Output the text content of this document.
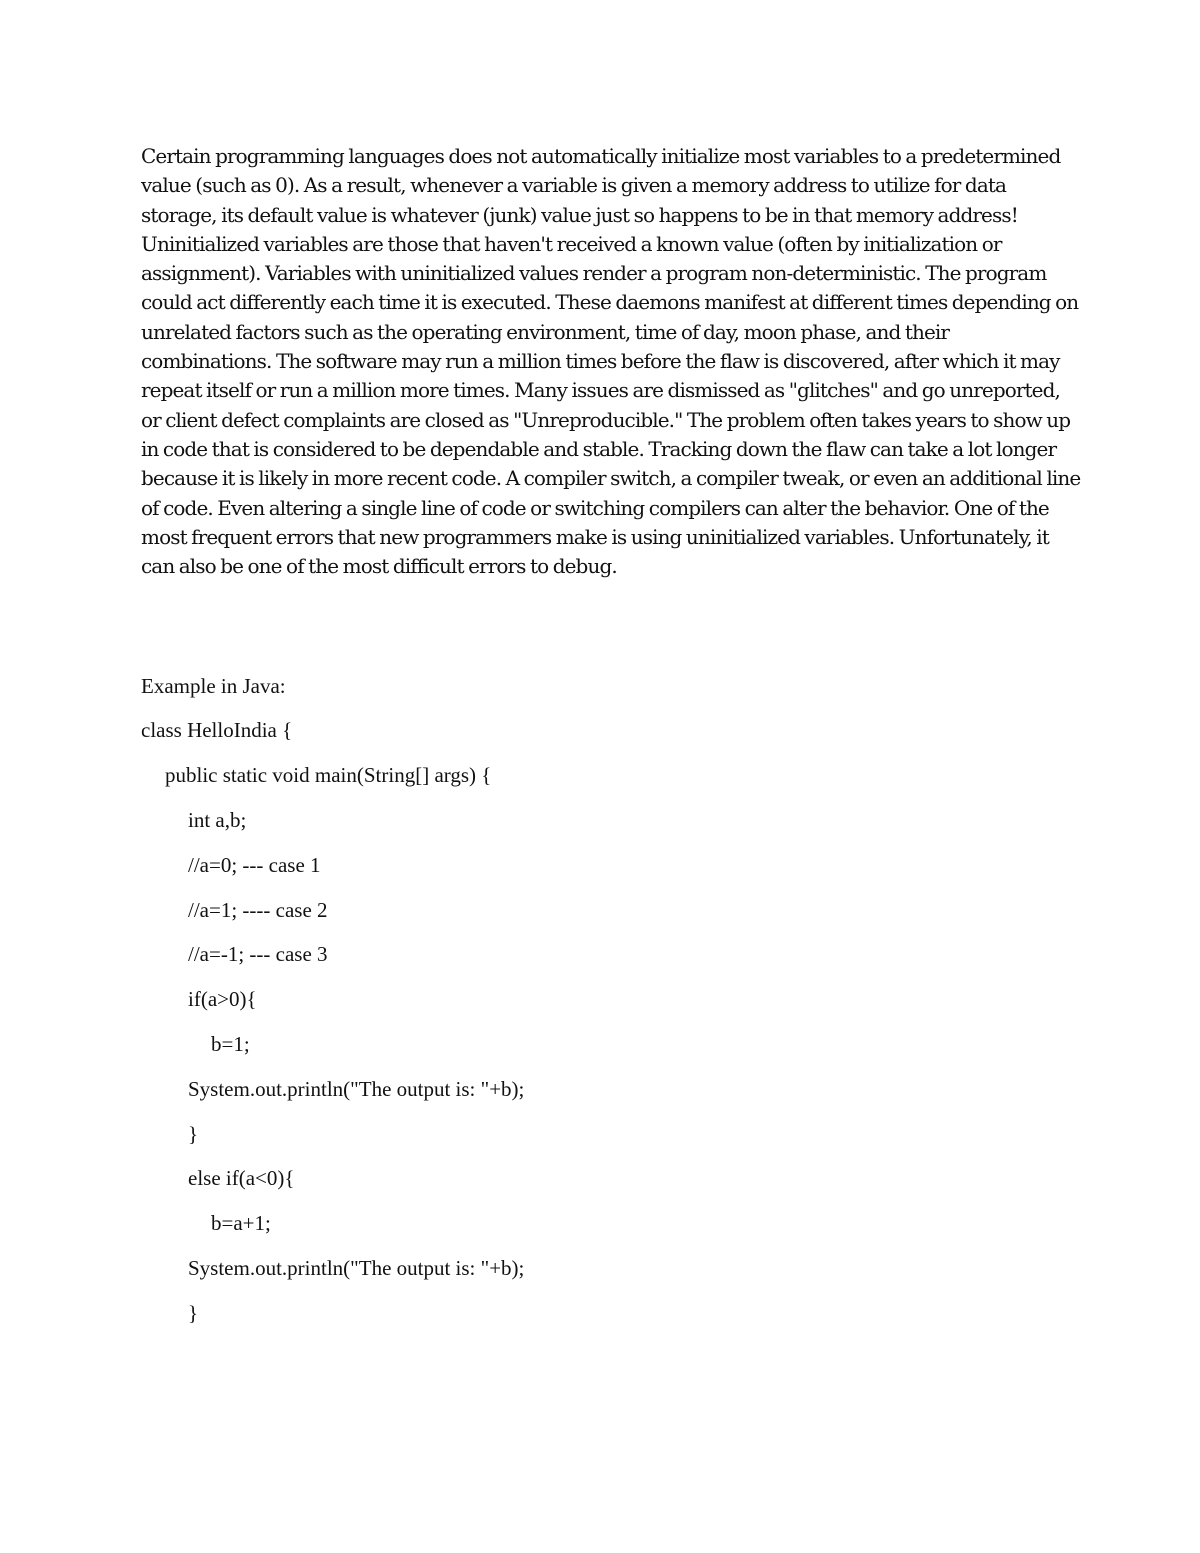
Certain programming languages does not automatically initialize most variables to a predetermined value (such as 0). As a result, whenever a variable is given a memory address to utilize for data storage, its default value is whatever (junk) value just so happens to be in that memory address! Uninitialized variables are those that haven't received a known value (often by initialization or assignment). Variables with uninitialized values render a program non-deterministic. The program could act differently each time it is executed. These daemons manifest at different times depending on unrelated factors such as the operating environment, time of day, moon phase, and their combinations. The software may run a million times before the flaw is discovered, after which it may repeat itself or run a million more times. Many issues are dismissed as "glitches" and go unreported, or client defect complaints are closed as "Unreproducible." The problem often takes years to show up in code that is considered to be dependable and stable. Tracking down the flaw can take a lot longer because it is likely in more recent code. A compiler switch, a compiler tweak, or even an additional line of code. Even altering a single line of code or switching compilers can alter the behavior. One of the most frequent errors that new programmers make is using uninitialized variables. Unfortunately, it can also be one of the most difficult errors to debug.

Example in Java:
class HelloIndia {
public static void main(String[] args) {
int a,b;
//a=0; --- case 1
//a=1; ---- case 2
//a=-1; --- case 3
if(a>0){
b=1;
System.out.println("The output is: "+b);
}
else if(a<0){
b=a+1;
System.out.println("The output is: "+b);
}
